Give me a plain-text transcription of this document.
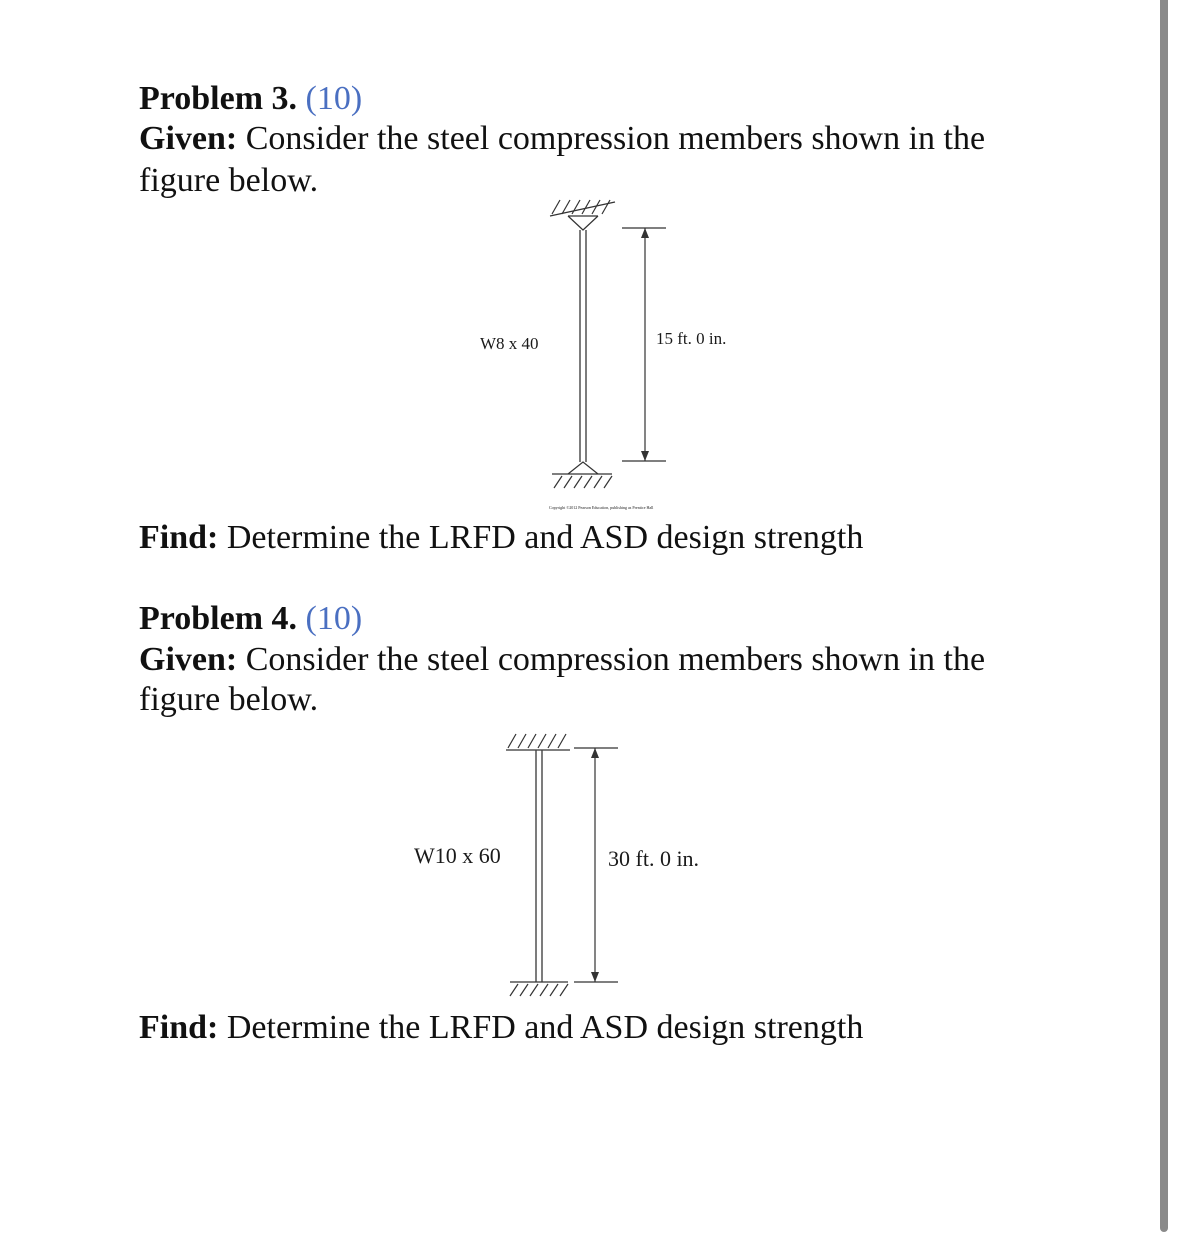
Problem 3. (10)
Given: Consider the steel compression members shown in the
figure below.
W8 x 40	15 ft. 0 in.
Copyright ©2012 Pearson Education, publishing as Prentice Hall
Find: Determine the LRFD and ASD design strength
Problem 4. (10)
Given: Consider the steel compression members shown in the
figure below.
W10 x 60	30 ft. 0 in.
Find: Determine the LRFD and ASD design strength
